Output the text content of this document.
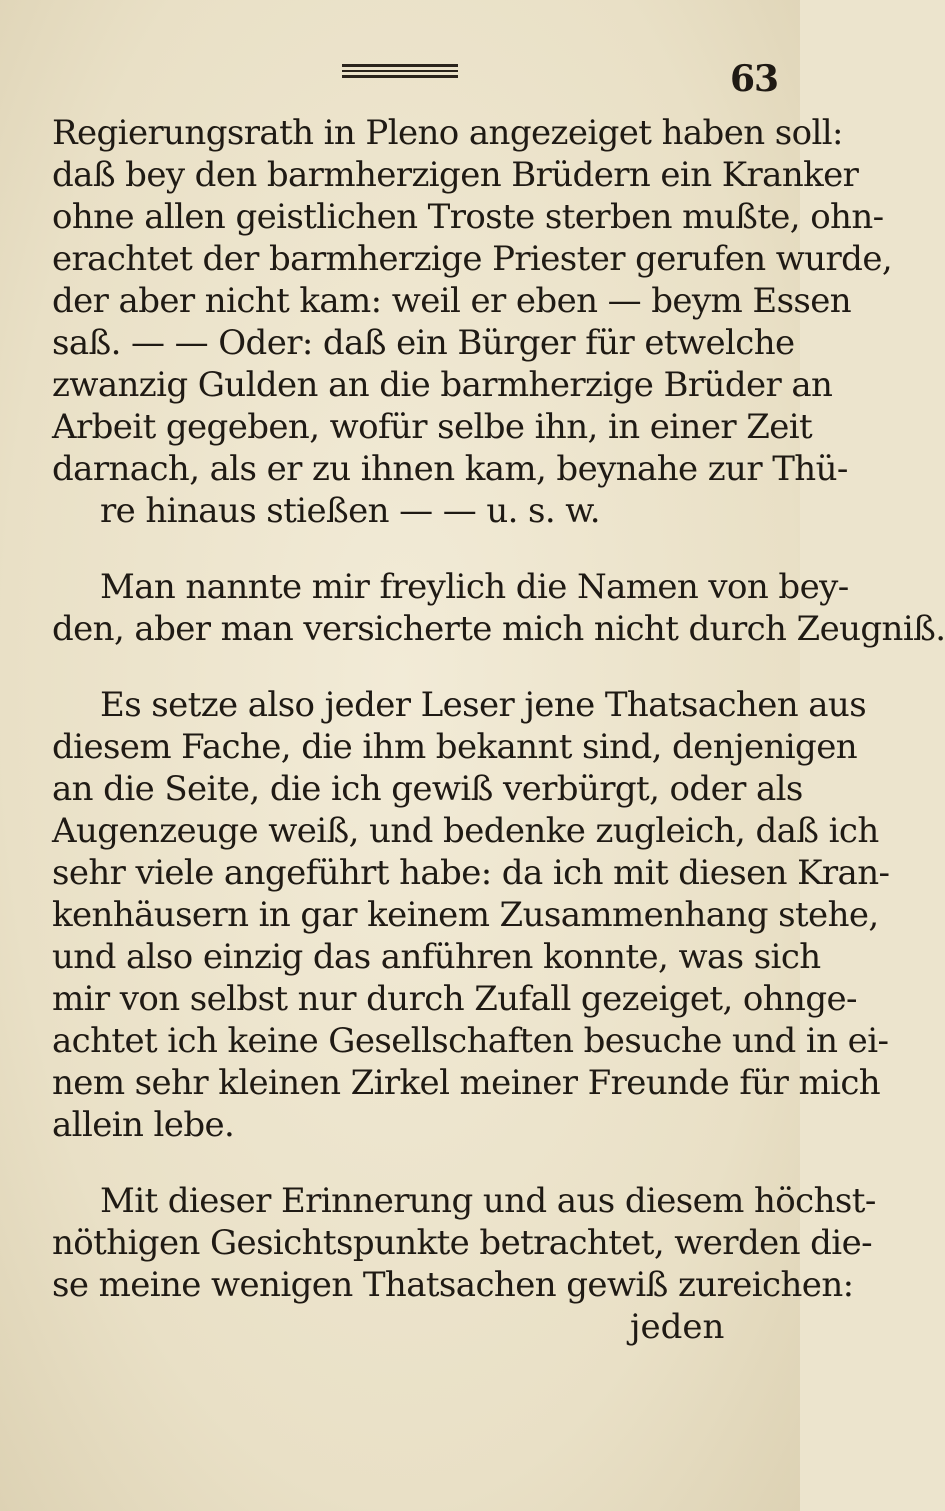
63
Regierungsrath in Pleno angezeiget haben soll:
daß bey den barmherzigen Brüdern ein Kranker
ohne allen geistlichen Troste sterben mußte, ohn-
erachtet der barmherzige Priester gerufen wurde,
der aber nicht kam: weil er eben — beym Essen
saß. — — Oder: daß ein Bürger für etwelche
zwanzig Gulden an die barmherzige Brüder an
Arbeit gegeben, wofür selbe ihn, in einer Zeit
darnach, als er zu ihnen kam, beynahe zur Thü-
re hinaus stießen — — u. s. w.
Man nannte mir freylich die Namen von bey-
den, aber man versicherte mich nicht durch Zeugniß.
Es setze also jeder Leser jene Thatsachen aus
diesem Fache, die ihm bekannt sind, denjenigen
an die Seite, die ich gewiß verbürgt, oder als
Augenzeuge weiß, und bedenke zugleich, daß ich
sehr viele angeführt habe: da ich mit diesen Kran-
kenhäusern in gar keinem Zusammenhang stehe,
und also einzig das anführen konnte, was sich
mir von selbst nur durch Zufall gezeiget, ohnge-
achtet ich keine Gesellschaften besuche und in ei-
nem sehr kleinen Zirkel meiner Freunde für mich
allein lebe.
Mit dieser Erinnerung und aus diesem höchst-
nöthigen Gesichtspunkte betrachtet, werden die-
se meine wenigen Thatsachen gewiß zureichen:
jeden
